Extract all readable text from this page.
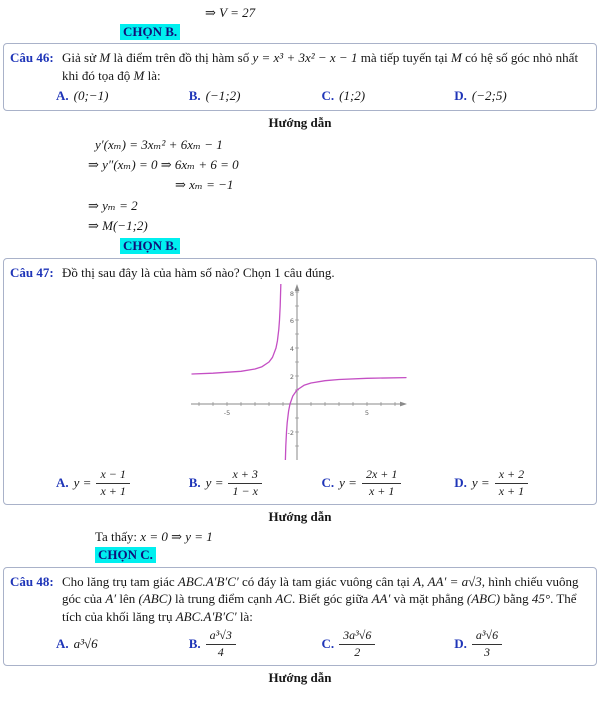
⇒ V = 27
CHỌN B.
Câu 46: Giả sử M là điểm trên đồ thị hàm số y = x³ + 3x² − x − 1 mà tiếp tuyến tại M có hệ số góc nhỏ nhất khi đó tọa độ M là:
A. (0;−1)	B. (−1;2)	C. (1;2)	D. (−2;5)
Hướng dẫn
y′(xₘ) = 3xₘ² + 6xₘ − 1
⇒ y″(xₘ) = 0 ⇒ 6xₘ + 6 = 0
⇒ xₘ = −1
⇒ yₘ = 2
⇒ M(−1;2)
CHỌN B.
Câu 47: Đồ thị sau đây là của hàm số nào? Chọn 1 câu đúng.
-5	5
2
4
6
8
-2
A. $y = \frac{x - 1}{x + 1}$	B. $y = \frac{x + 3}{1 - x}$	C. $y = \frac{2x + 1}{x + 1}$	D. $y = \frac{x + 2}{x + 1}$
Hướng dẫn
Ta thấy: x = 0 ⇒ y = 1
CHỌN C.
Câu 48: Cho lăng trụ tam giác ABC.A′B′C′ có đáy là tam giác vuông cân tại A, AA′ = a√3, hình chiếu vuông góc của A′ lên (ABC) là trung điểm cạnh AC. Biết góc giữa AA′ và mặt phẳng (ABC) bằng 45°. Thể tích của khối lăng trụ ABC.A′B′C′ là:
A. a³√6	B. $\frac{\text{a³√3}}{4}$	C. $\frac{\text{3a³√6}}{2}$	D. $\frac{\text{a³√6}}{3}$
Hướng dẫn
